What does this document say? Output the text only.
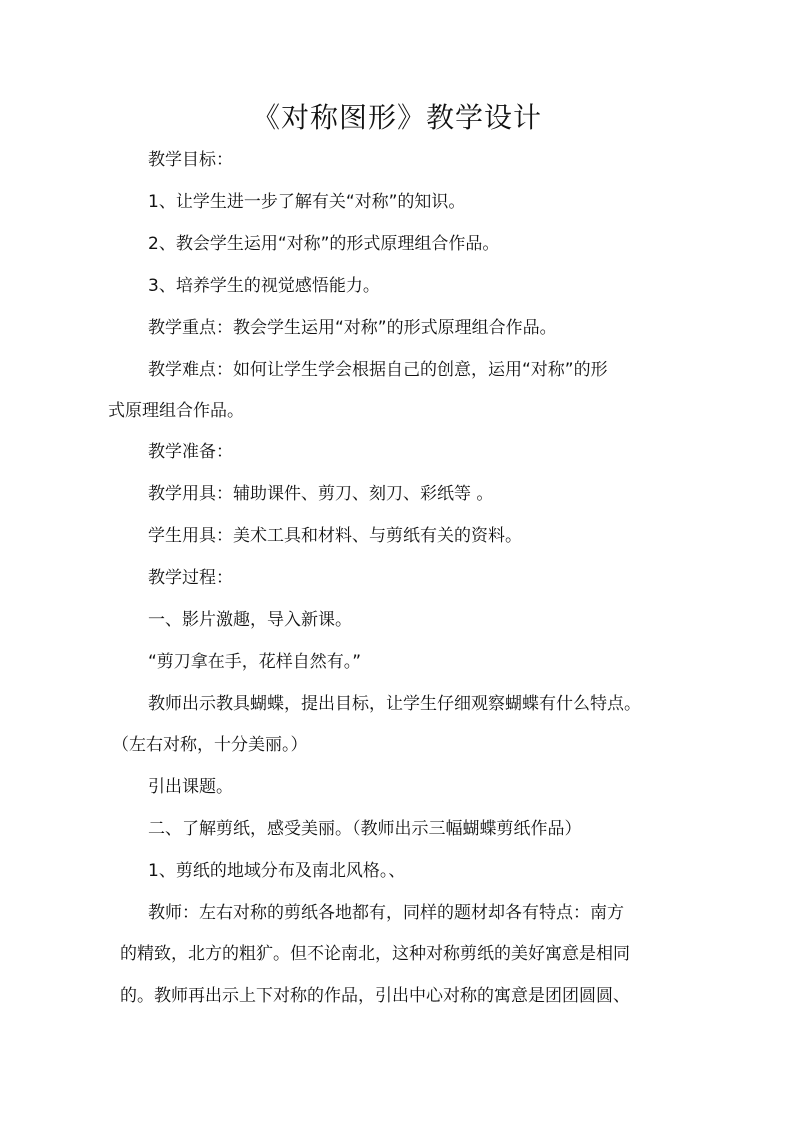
《对称图形》教学设计
教学目标：
1、让学生进一步了解有关“对称”的知识。
2、教会学生运用“对称”的形式原理组合作品。
3、培养学生的视觉感悟能力。
教学重点：教会学生运用“对称”的形式原理组合作品。
教学难点：如何让学生学会根据自己的创意，运用“对称”的形
式原理组合作品。
教学准备：
教学用具：辅助课件、剪刀、刻刀、彩纸等 。
学生用具：美术工具和材料、与剪纸有关的资料。
教学过程：
一、影片激趣，导入新课。
“剪刀拿在手，花样自然有。”
教师出示教具蝴蝶，提出目标，让学生仔细观察蝴蝶有什么特点。
（左右对称，十分美丽。）
引出课题。
二、了解剪纸，感受美丽。（教师出示三幅蝴蝶剪纸作品）
1、剪纸的地域分布及南北风格。、
教师：左右对称的剪纸各地都有，同样的题材却各有特点：南方
的精致，北方的粗犷。但不论南北，这种对称剪纸的美好寓意是相同
的。教师再出示上下对称的作品，引出中心对称的寓意是团团圆圆、
